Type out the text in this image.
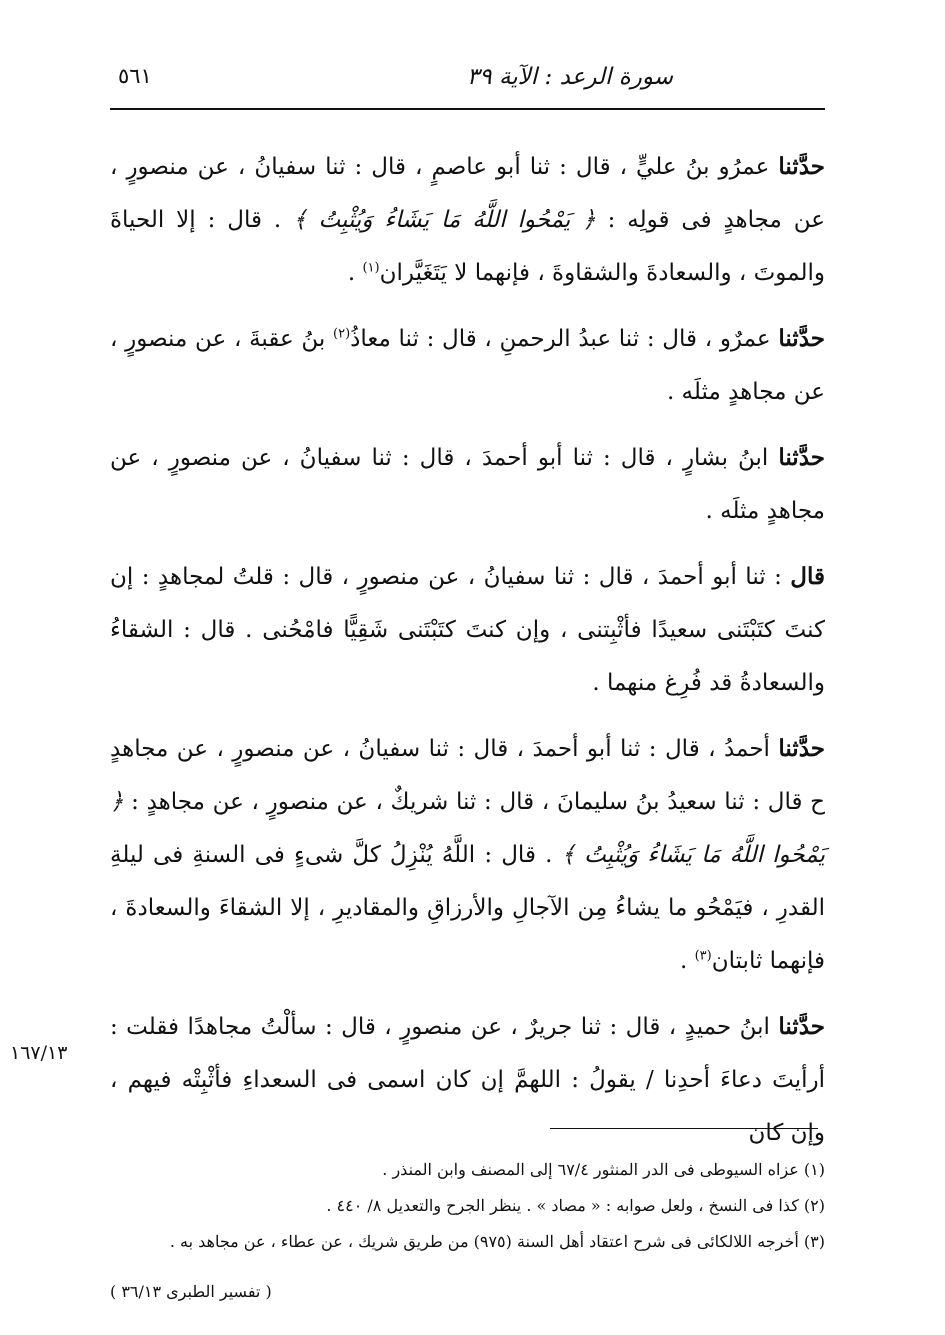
سورة الرعد : الآية ٣٩
٥٦١

حدَّثنا عمرُو بنُ عليٍّ ، قال : ثنا أبو عاصمٍ ، قال : ثنا سفيانُ ، عن منصورٍ ، عن مجاهدٍ فى قولِه : ﴿ يَمْحُوا اللَّهُ مَا يَشَاءُ وَيُثْبِتُ ﴾ . قال : إلا الحياةَ والموتَ ، والسعادةَ والشقاوةَ ، فإنهما لا يَتَغَيَّران$^{(١)}$ .

حدَّثنا عمرٌو ، قال : ثنا عبدُ الرحمنِ ، قال : ثنا معاذُ$^{(٢)}$ بنُ عقبةَ ، عن منصورٍ ، عن مجاهدٍ مثلَه .

حدَّثنا ابنُ بشارٍ ، قال : ثنا أبو أحمدَ ، قال : ثنا سفيانُ ، عن منصورٍ ، عن مجاهدٍ مثلَه .

قال : ثنا أبو أحمدَ ، قال : ثنا سفيانُ ، عن منصورٍ ، قال : قلتُ لمجاهدٍ : إن كنتَ كتَبْتَنى سعيدًا فأثْبِتنى ، وإن كنتَ كتَبْتَنى شَقِيًّا فامْحُنى . قال : الشقاءُ والسعادةُ قد فُرِغ منهما .

حدَّثنا أحمدُ ، قال : ثنا أبو أحمدَ ، قال : ثنا سفيانُ ، عن منصورٍ ، عن مجاهدٍ ح قال : ثنا سعيدُ بنُ سليمانَ ، قال : ثنا شريكٌ ، عن منصورٍ ، عن مجاهدٍ : ﴿ يَمْحُوا اللَّهُ مَا يَشَاءُ وَيُثْبِتُ ﴾ . قال : اللَّهُ يُنْزِلُ كلَّ شىءٍ فى السنةِ فى ليلةِ القدرِ ، فيَمْحُو ما يشاءُ مِن الآجالِ والأرزاقِ والمقاديرِ ، إلا الشقاءَ والسعادةَ ، فإنهما ثابتان$^{(٣)}$ .

حدَّثنا ابنُ حميدٍ ، قال : ثنا جريرٌ ، عن منصورٍ ، قال : سألْتُ مجاهدًا فقلت : أرأيتَ دعاءَ أحدِنا / يقولُ : اللهمَّ إن كان اسمى فى السعداءِ فأثْبِتْه فيهم ، وإن كان

١٦٧/١٣

(١) عزاه السيوطى فى الدر المنثور ٦٧/٤ إلى المصنف وابن المنذر .

(٢) كذا فى النسخ ، ولعل صوابه : « مصاد » . ينظر الجرح والتعديل ٨/ ٤٤٠ .

(٣) أخرجه اللالكائى فى شرح اعتقاد أهل السنة (٩٧٥) من طريق شريك ، عن عطاء ، عن مجاهد به .

( تفسير الطبرى ٣٦/١٣ )
